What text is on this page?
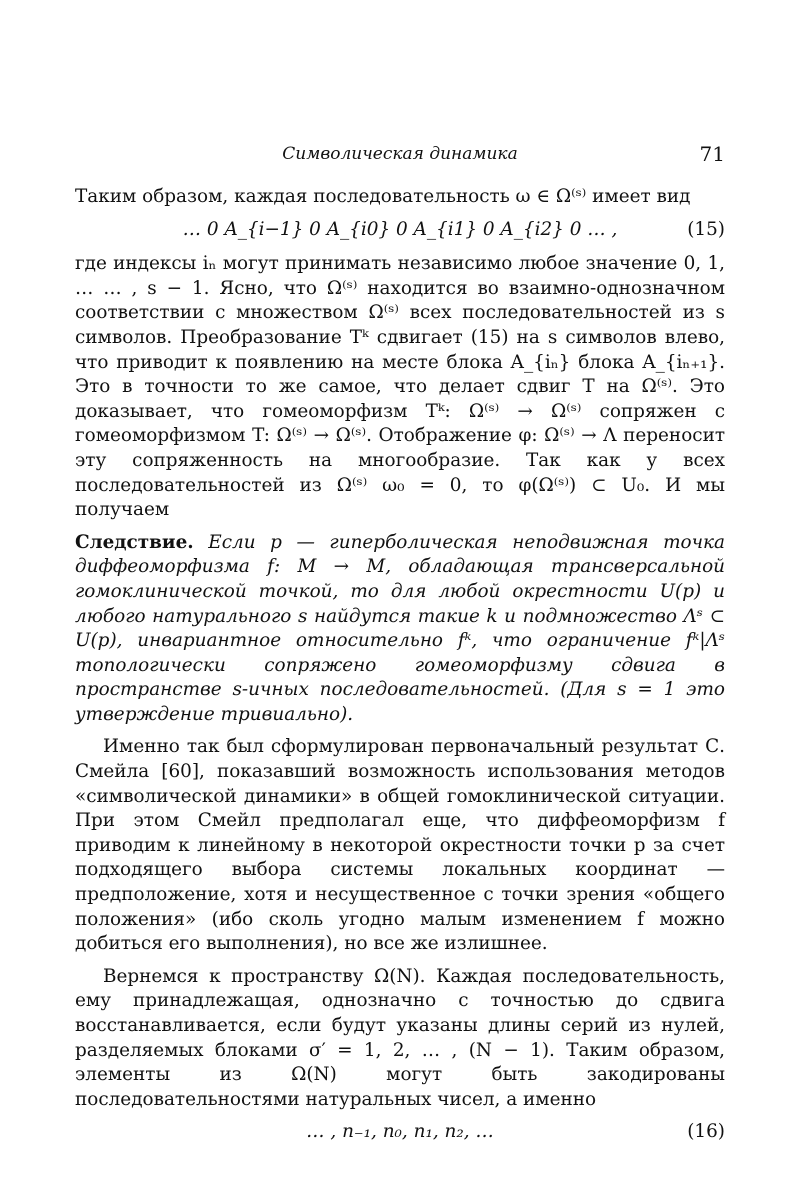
Символическая динамика	71

Таким образом, каждая последовательность ω ∈ Ω⁽ˢ⁾ имеет вид

… 0 A_{i−1} 0 A_{i0} 0 A_{i1} 0 A_{i2} 0 … ,	(15)

где индексы iₙ могут принимать независимо любое значение 0, 1, … … , s − 1. Ясно, что Ω⁽ˢ⁾ находится во взаимно-однозначном соответствии с множеством Ω⁽ˢ⁾ всех последовательностей из s символов. Преобразование Tᵏ сдвигает (15) на s символов влево, что приводит к появлению на месте блока A_{iₙ} блока A_{iₙ₊₁}. Это в точности то же самое, что делает сдвиг T на Ω⁽ˢ⁾. Это доказывает, что гомеоморфизм Tᵏ: Ω⁽ˢ⁾ → Ω⁽ˢ⁾ сопряжен с гомеоморфизмом T: Ω⁽ˢ⁾ → Ω⁽ˢ⁾. Отображение φ: Ω⁽ˢ⁾ → Λ переносит эту сопряженность на многообразие. Так как у всех последовательностей из Ω⁽ˢ⁾ ω₀ = 0, то φ(Ω⁽ˢ⁾) ⊂ U₀. И мы получаем

Следствие. Если p — гиперболическая неподвижная точка диффеоморфизма f: M → M, обладающая трансверсальной гомоклинической точкой, то для любой окрестности U(p) и любого натурального s найдутся такие k и подмножество Λˢ ⊂ U(p), инвариантное относительно fᵏ, что ограничение fᵏ|Λˢ топологически сопряжено гомеоморфизму сдвига в пространстве s-ичных последовательностей. (Для s = 1 это утверждение тривиально).

Именно так был сформулирован первоначальный результат С. Смейла [60], показавший возможность использования методов «символической динамики» в общей гомоклинической ситуации. При этом Смейл предполагал еще, что диффеоморфизм f приводим к линейному в некоторой окрестности точки p за счет подходящего выбора системы локальных координат — предположение, хотя и несущественное с точки зрения «общего положения» (ибо сколь угодно малым изменением f можно добиться его выполнения), но все же излишнее.

Вернемся к пространству Ω(N). Каждая последовательность, ему принадлежащая, однозначно с точностью до сдвига восстанавливается, если будут указаны длины серий из нулей, разделяемых блоками σ′ = 1, 2, … , (N − 1). Таким образом, элементы из Ω(N) могут быть закодированы последовательностями натуральных чисел, а именно

… , n₋₁, n₀, n₁, n₂, …	(16)
